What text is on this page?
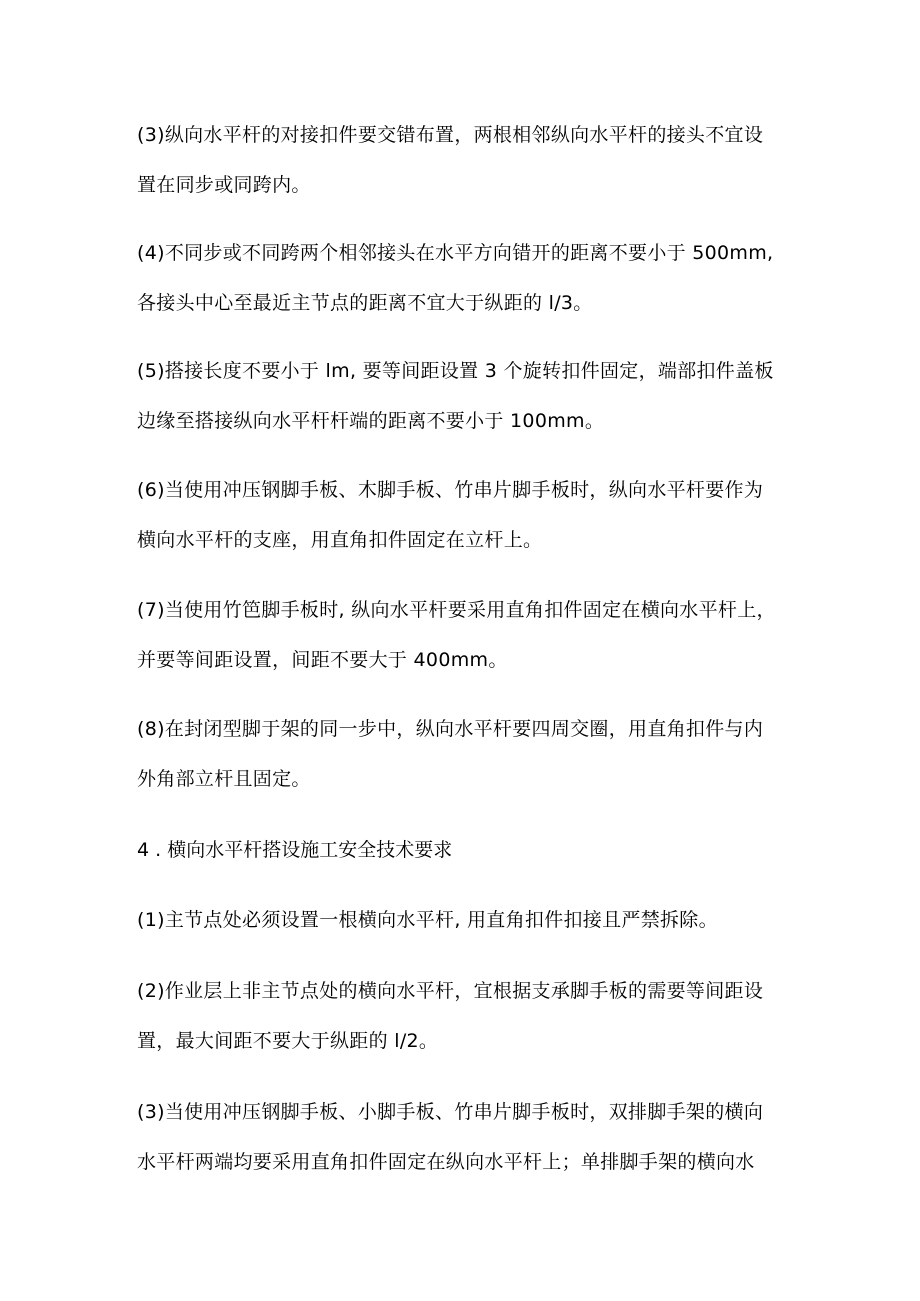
(3)纵向水平杆的对接扣件要交错布置，两根相邻纵向水平杆的接头不宜设
置在同步或同跨内。

(4)不同步或不同跨两个相邻接头在水平方向错开的距离不要小于 500mm,
各接头中心至最近主节点的距离不宜大于纵距的 l/3。

(5)搭接长度不要小于 lm, 要等间距设置 3 个旋转扣件固定，端部扣件盖板
边缘至搭接纵向水平杆杆端的距离不要小于 100mm。

(6)当使用冲压钢脚手板、木脚手板、竹串片脚手板时，纵向水平杆要作为
横向水平杆的支座，用直角扣件固定在立杆上。

(7)当使用竹笆脚手板时, 纵向水平杆要采用直角扣件固定在横向水平杆上，
并要等间距设置，间距不要大于 400mm。

(8)在封闭型脚于架的同一步中，纵向水平杆要四周交圈，用直角扣件与内
外角部立杆且固定。

4 . 横向水平杆搭设施工安全技术要求

(1)主节点处必须设置一根横向水平杆, 用直角扣件扣接且严禁拆除。

(2)作业层上非主节点处的横向水平杆，宜根据支承脚手板的需要等间距设
置，最大间距不要大于纵距的 l/2。

(3)当使用冲压钢脚手板、小脚手板、竹串片脚手板时，双排脚手架的横向
水平杆两端均要采用直角扣件固定在纵向水平杆上；单排脚手架的横向水
